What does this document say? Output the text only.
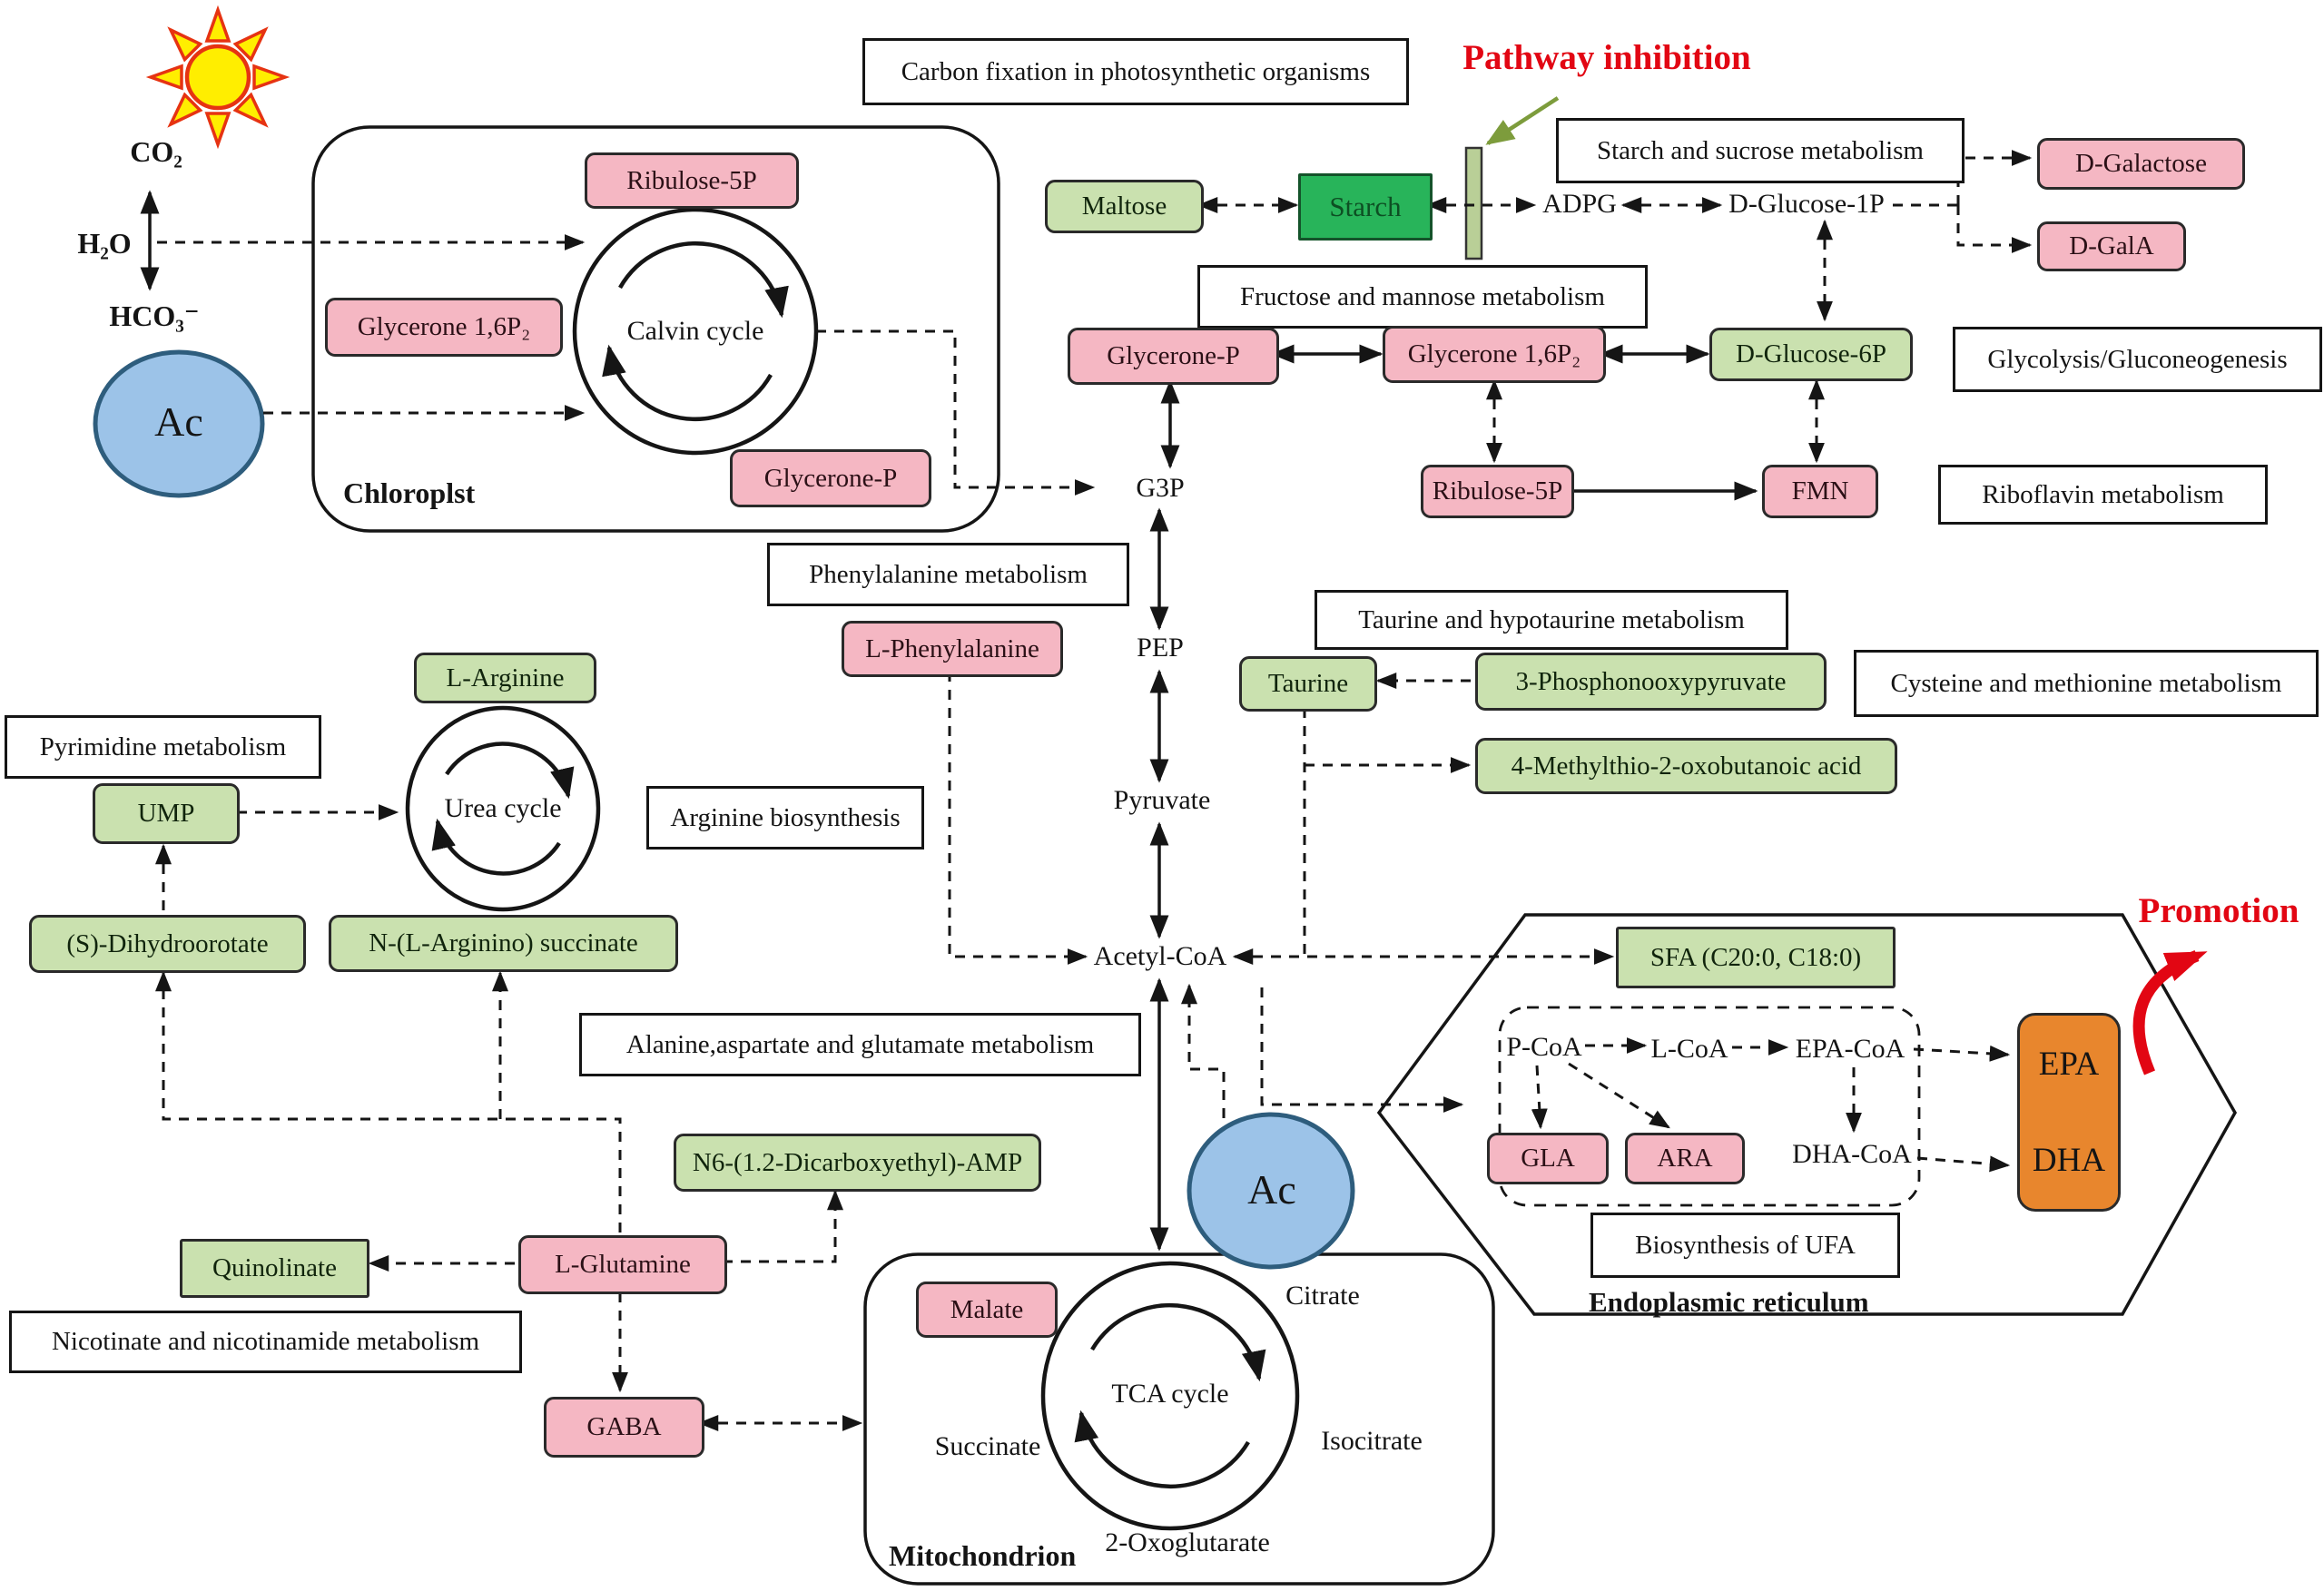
CO₂
H₂O
HCO₃⁻
Ac
Ac
G3P
PEP
Pyruvate
Acetyl-CoA
ADPG	D-Glucose-1P
P-CoA	L-CoA EPA-CoA
DHA-CoA
Citrate
Isocitrate
2-Oxoglutarate
Succinate
Calvin cycle
Urea cycle
TCA cycle
Chloroplst
Mitochondrion
Endoplasmic reticulum
Pathway inhibition
Promotion
Carbon fixation in photosynthetic organisms
Starch and sucrose metabolism
Fructose and mannose metabolism
Glycolysis/Gluconeogenesis
Riboflavin metabolism
Phenylalanine metabolism
Taurine and hypotaurine metabolism
Cysteine and methionine metabolism
Pyrimidine metabolism
Arginine biosynthesis
Alanine,aspartate and glutamate metabolism
Nicotinate and nicotinamide metabolism
Biosynthesis of UFA
Ribulose-5P
Glycerone 1,6P₂
Glycerone-P
Glycerone-P	Glycerone 1,6P₂
Ribulose-5P	FMN
D-Galactose
D-GalA
L-Phenylalanine
L-Glutamine
GABA
Malate
GLA	ARA
Maltose	Starch
D-Glucose-6P
Taurine	3-Phosphonooxypyruvate
4-Methylthio-2-oxobutanoic acid
L-Arginine
UMP
(S)-Dihydroorotate	N-(L-Arginino) succinate
N6-(1.2-Dicarboxyethyl)-AMP
Quinolinate
SFA (C20:0, C18:0)
EPA
DHA
